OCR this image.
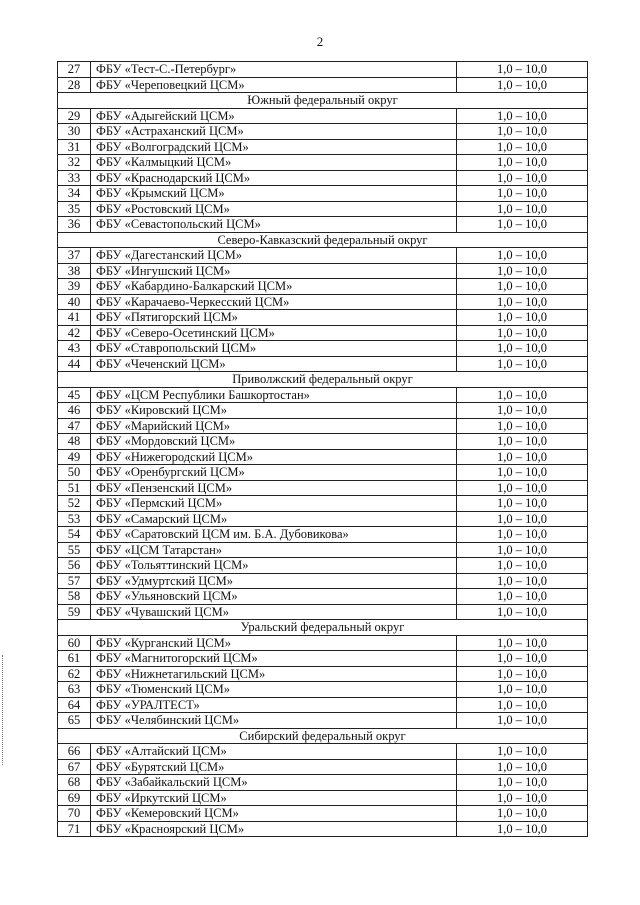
2
27	ФБУ «Тест-С.-Петербург»	1,0 – 10,0
28	ФБУ «Череповецкий ЦСМ»	1,0 – 10,0
Южный федеральный округ		
29	ФБУ «Адыгейский ЦСМ»	1,0 – 10,0
30	ФБУ «Астраханский ЦСМ»	1,0 – 10,0
31	ФБУ «Волгоградский ЦСМ»	1,0 – 10,0
32	ФБУ «Калмыцкий ЦСМ»	1,0 – 10,0
33	ФБУ «Краснодарский ЦСМ»	1,0 – 10,0
34	ФБУ «Крымский ЦСМ»	1,0 – 10,0
35	ФБУ «Ростовский ЦСМ»	1,0 – 10,0
36	ФБУ «Севастопольский ЦСМ»	1,0 – 10,0
Северо-Кавказский федеральный округ		
37	ФБУ «Дагестанский ЦСМ»	1,0 – 10,0
38	ФБУ «Ингушский ЦСМ»	1,0 – 10,0
39	ФБУ «Кабардино-Балкарский ЦСМ»	1,0 – 10,0
40	ФБУ «Карачаево-Черкесский ЦСМ»	1,0 – 10,0
41	ФБУ «Пятигорский ЦСМ»	1,0 – 10,0
42	ФБУ «Северо-Осетинский ЦСМ»	1,0 – 10,0
43	ФБУ «Ставропольский ЦСМ»	1,0 – 10,0
44	ФБУ «Чеченский ЦСМ»	1,0 – 10,0
Приволжский федеральный округ		
45	ФБУ «ЦСМ Республики Башкортостан»	1,0 – 10,0
46	ФБУ «Кировский ЦСМ»	1,0 – 10,0
47	ФБУ «Марийский ЦСМ»	1,0 – 10,0
48	ФБУ «Мордовский ЦСМ»	1,0 – 10,0
49	ФБУ «Нижегородский ЦСМ»	1,0 – 10,0
50	ФБУ «Оренбургский ЦСМ»	1,0 – 10,0
51	ФБУ «Пензенский ЦСМ»	1,0 – 10,0
52	ФБУ «Пермский ЦСМ»	1,0 – 10,0
53	ФБУ «Самарский ЦСМ»	1,0 – 10,0
54	ФБУ «Саратовский ЦСМ им. Б.А. Дубовикова»	1,0 – 10,0
55	ФБУ «ЦСМ Татарстан»	1,0 – 10,0
56	ФБУ «Тольяттинский ЦСМ»	1,0 – 10,0
57	ФБУ «Удмуртский ЦСМ»	1,0 – 10,0
58	ФБУ «Ульяновский ЦСМ»	1,0 – 10,0
59	ФБУ «Чувашский ЦСМ»	1,0 – 10,0
Уральский федеральный округ		
60	ФБУ «Курганский ЦСМ»	1,0 – 10,0
61	ФБУ «Магнитогорский ЦСМ»	1,0 – 10,0
62	ФБУ «Нижнетагильский ЦСМ»	1,0 – 10,0
63	ФБУ «Тюменский ЦСМ»	1,0 – 10,0
64	ФБУ «УРАЛТЕСТ»	1,0 – 10,0
65	ФБУ «Челябинский ЦСМ»	1,0 – 10,0
Сибирский федеральный округ		
66	ФБУ «Алтайский ЦСМ»	1,0 – 10,0
67	ФБУ «Бурятский ЦСМ»	1,0 – 10,0
68	ФБУ «Забайкальский ЦСМ»	1,0 – 10,0
69	ФБУ «Иркутский ЦСМ»	1,0 – 10,0
70	ФБУ «Кемеровский ЦСМ»	1,0 – 10,0
71	ФБУ «Красноярский ЦСМ»	1,0 – 10,0
